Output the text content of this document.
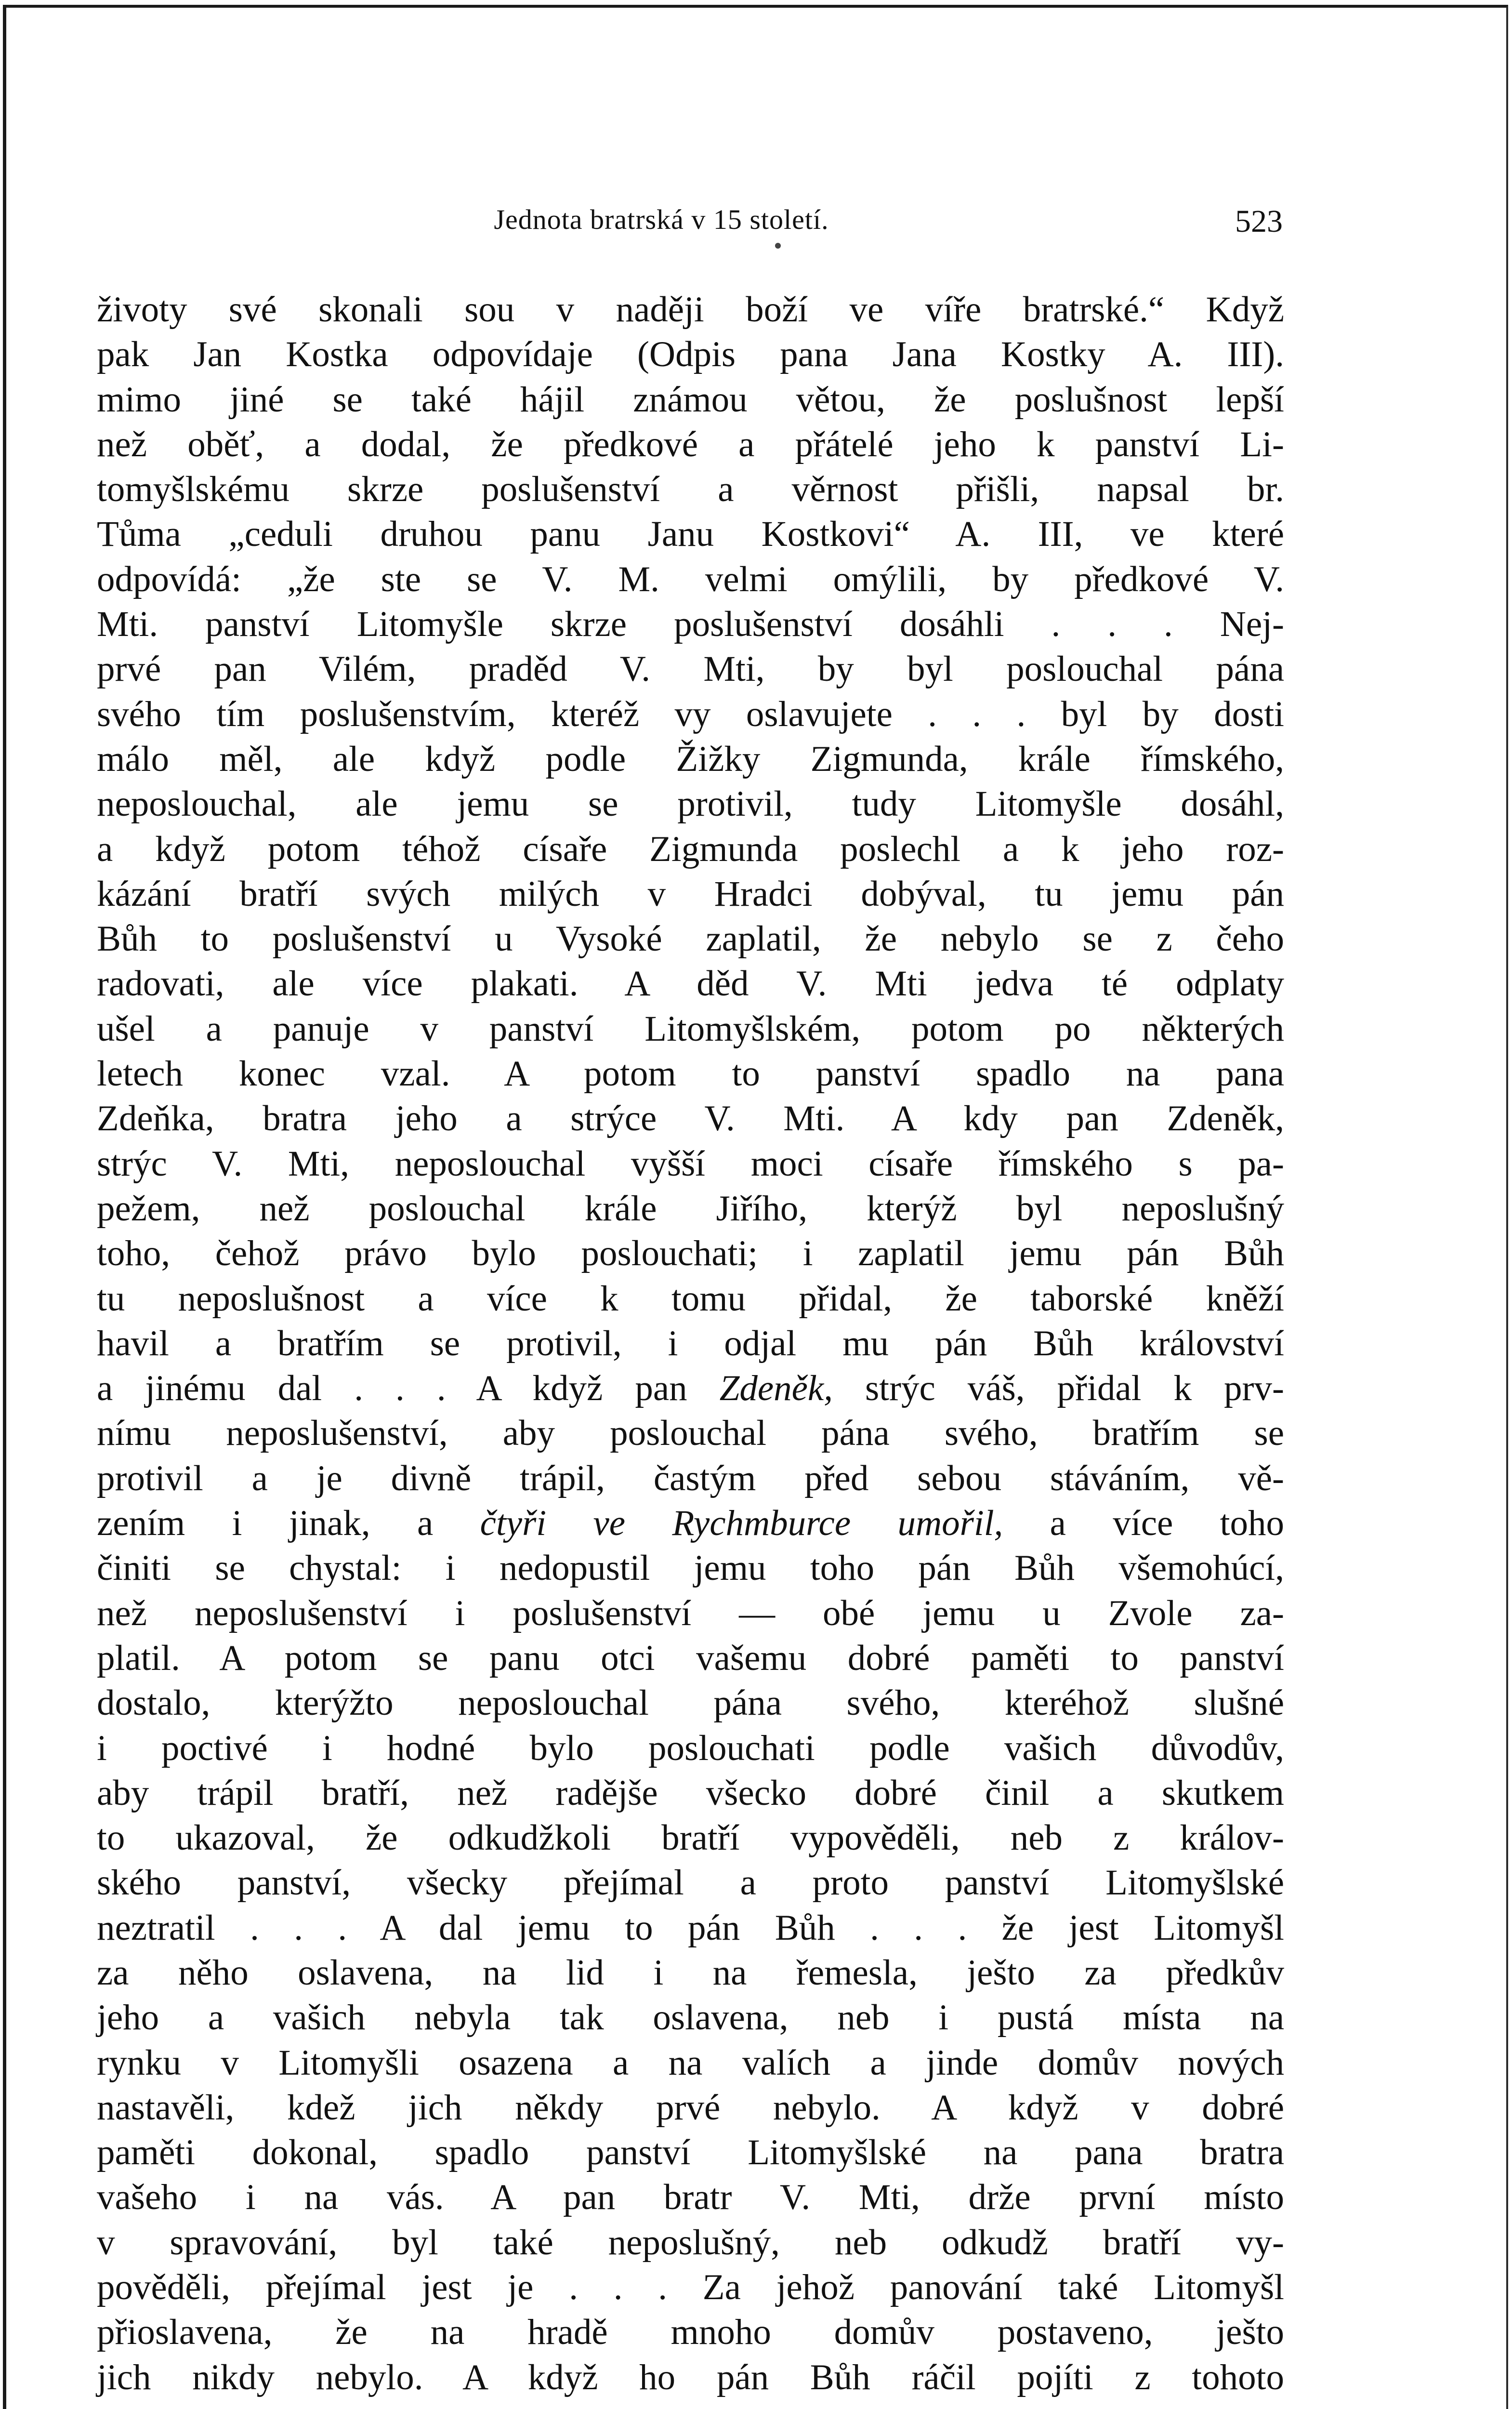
Jednota bratrská v 15 století.	523
životy své skonali sou v naději boží ve víře bratrské.“ Když
pak Jan Kostka odpovídaje (Odpis pana Jana Kostky A. III).
mimo jiné se také hájil známou větou, že poslušnost lepší
než oběť, a dodal, že předkové a přátelé jeho k panství Li-
tomyšlskému skrze poslušenství a věrnost přišli, napsal br.
Tůma „ceduli druhou panu Janu Kostkovi“ A. III, ve které
odpovídá: „že ste se V. M. velmi omýlili, by předkové V.
Mti. panství Litomyšle skrze poslušenství dosáhli . . . Nej-
prvé pan Vilém, praděd V. Mti, by byl poslouchal pána
svého tím poslušenstvím, kteréž vy oslavujete . . . byl by dosti
málo měl, ale když podle Žižky Zigmunda, krále římského,
neposlouchal, ale jemu se protivil, tudy Litomyšle dosáhl,
a když potom téhož císaře Zigmunda poslechl a k jeho roz-
kázání bratří svých milých v Hradci dobýval, tu jemu pán
Bůh to poslušenství u Vysoké zaplatil, že nebylo se z čeho
radovati, ale více plakati. A děd V. Mti jedva té odplaty
ušel a panuje v panství Litomyšlském, potom po některých
letech konec vzal. A potom to panství spadlo na pana
Zdeňka, bratra jeho a strýce V. Mti. A kdy pan Zdeněk,
strýc V. Mti, neposlouchal vyšší moci císaře římského s pa-
pežem, než poslouchal krále Jiřího, kterýž byl neposlušný
toho, čehož právo bylo poslouchati; i zaplatil jemu pán Bůh
tu neposlušnost a více k tomu přidal, že taborské kněží
havil a bratřím se protivil, i odjal mu pán Bůh království
a jinému dal . . . A když pan Zdeněk, strýc váš, přidal k prv-
nímu neposlušenství, aby poslouchal pána svého, bratřím se
protivil a je divně trápil, častým před sebou stáváním, vě-
zením i jinak, a čtyři ve Rychmburce umořil, a více toho
činiti se chystal: i nedopustil jemu toho pán Bůh všemohúcí,
než neposlušenství i poslušenství — obé jemu u Zvole za-
platil. A potom se panu otci vašemu dobré paměti to panství
dostalo, kterýžto neposlouchal pána svého, kteréhož slušné
i poctivé i hodné bylo poslouchati podle vašich důvodův,
aby trápil bratří, než radějše všecko dobré činil a skutkem
to ukazoval, že odkudžkoli bratří vypověděli, neb z králov-
ského panství, všecky přejímal a proto panství Litomyšlské
neztratil . . . A dal jemu to pán Bůh . . . že jest Litomyšl
za něho oslavena, na lid i na řemesla, ješto za předkův
jeho a vašich nebyla tak oslavena, neb i pustá místa na
rynku v Litomyšli osazena a na valích a jinde domův nových
nastavěli, kdež jich někdy prvé nebylo. A když v dobré
paměti dokonal, spadlo panství Litomyšlské na pana bratra
vašeho i na vás. A pan bratr V. Mti, drže první místo
v spravování, byl také neposlušný, neb odkudž bratří vy-
pověděli, přejímal jest je . . . Za jehož panování také Litomyšl
přioslavena, že na hradě mnoho domův postaveno, ješto
jich nikdy nebylo. A když ho pán Bůh ráčil pojíti z tohoto
